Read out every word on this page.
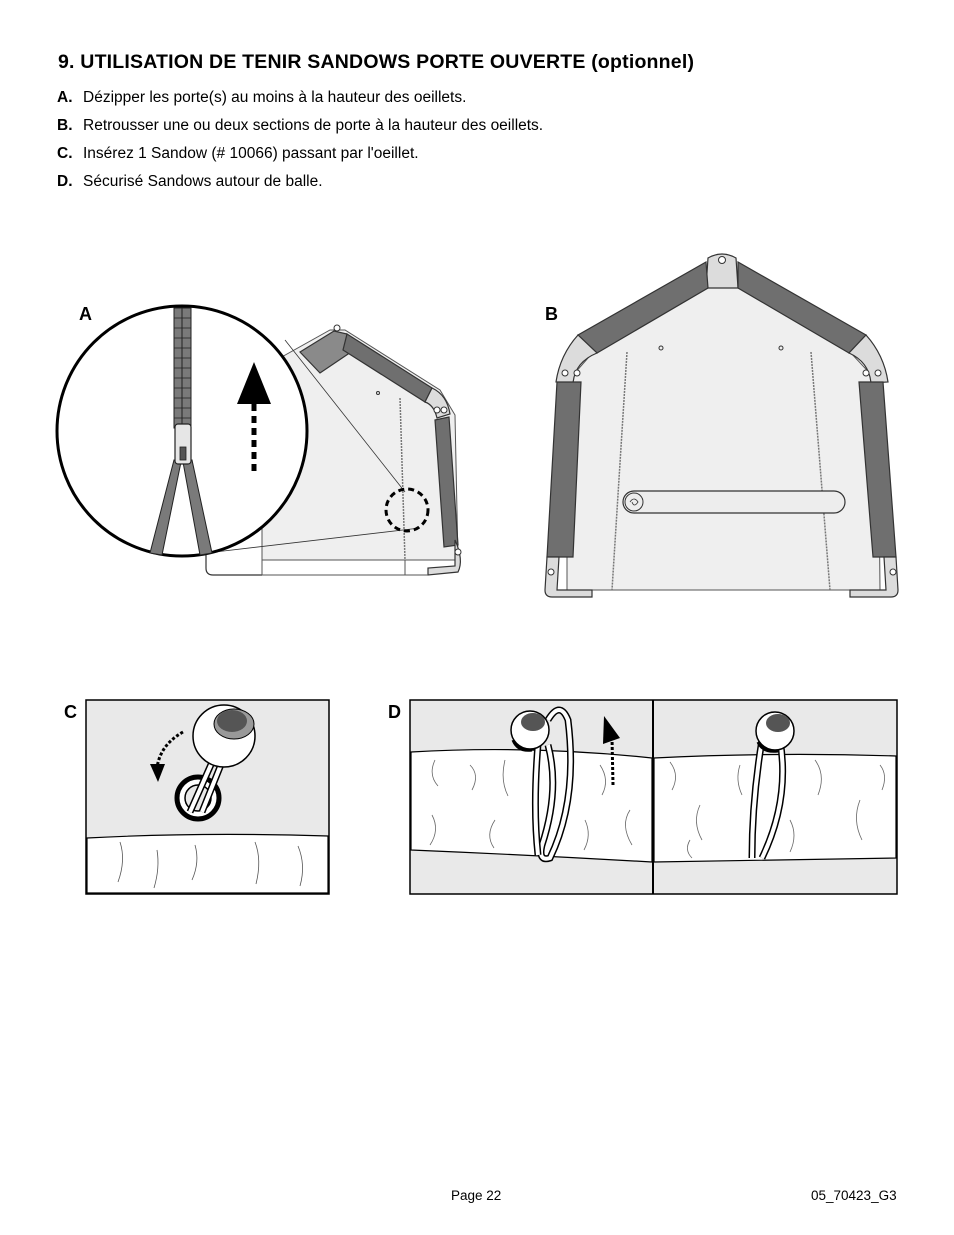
9. UTILISATION DE TENIR SANDOWS PORTE OUVERTE (optionnel)
A. Dézipper les porte(s) au moins à la hauteur des oeillets.
B. Retrousser une ou deux sections de porte à la hauteur des oeillets.
C. Insérez 1 Sandow (# 10066) passant par l'oeillet.
D. Sécurisé Sandows autour de balle.
A	B
C	D
Page 22	05_70423_G3
